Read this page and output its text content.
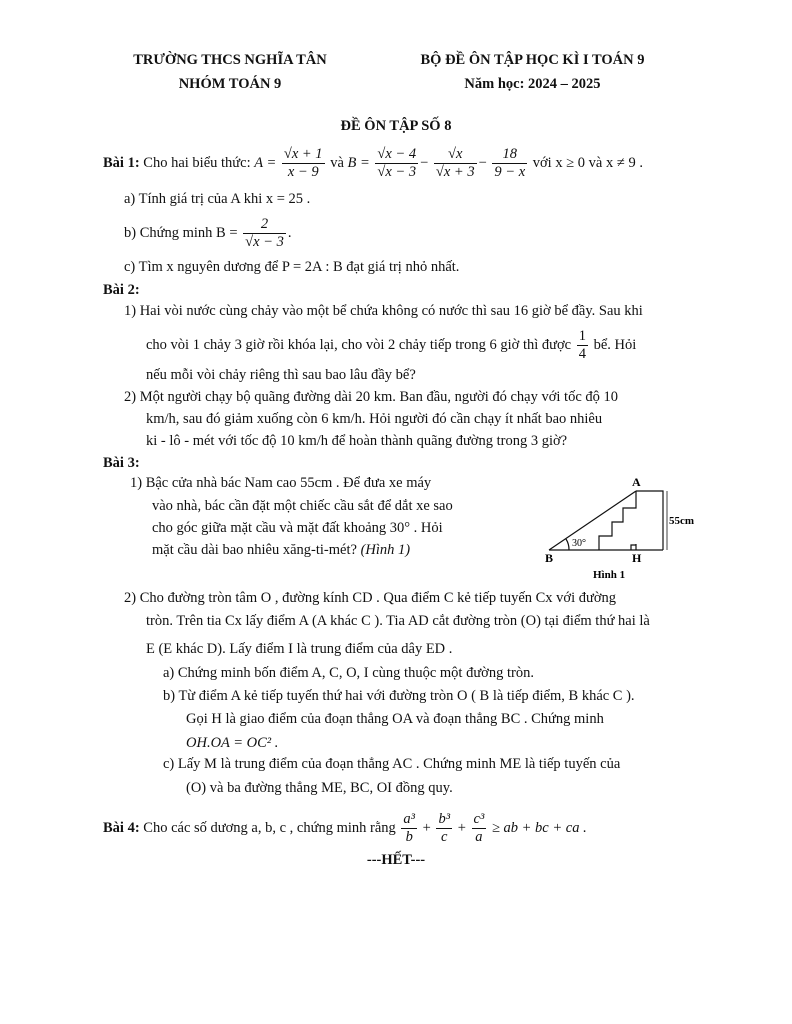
TRƯỜNG THCS NGHĨA TÂN
NHÓM TOÁN 9
BỘ ĐỀ ÔN TẬP HỌC KÌ I TOÁN 9
Năm học: 2024 – 2025
ĐỀ ÔN TẬP SỐ 8
Bài 1: Cho hai biểu thức: $A = \frac{√x + 1}{x - 9}$ và $B = \frac{√x - 4}{√x - 3} - \frac{√x}{√x + 3} - \frac{18}{9 - x}$ với x ≥ 0 và x ≠ 9 .
a) Tính giá trị của A khi x = 25 .
b) Chứng minh $B = \frac{2}{√x - 3}$ .
c) Tìm x nguyên dương để P = 2A : B đạt giá trị nhỏ nhất.
Bài 2:
1) Hai vòi nước cùng chảy vào một bể chứa không có nước thì sau 16 giờ bể đầy. Sau khi
cho vòi 1 chảy 3 giờ rồi khóa lại, cho vòi 2 chảy tiếp trong 6 giờ thì được $\frac{1}{4}$ bể. Hỏi
nếu mỗi vòi chảy riêng thì sau bao lâu đầy bể?
2) Một người chạy bộ quãng đường dài 20 km. Ban đầu, người đó chạy với tốc độ 10
km/h, sau đó giảm xuống còn 6 km/h. Hỏi người đó cần chạy ít nhất bao nhiêu
ki - lô - mét với tốc độ 10 km/h để hoàn thành quãng đường trong 3 giờ?
Bài 3:
1) Bậc cửa nhà bác Nam cao 55cm . Để đưa xe máy
vào nhà, bác cần đặt một chiếc cầu sắt để dắt xe sao
cho góc giữa mặt cầu và mặt đất khoảng 30° . Hỏi
mặt cầu dài bao nhiêu xăng-ti-mét? (Hình 1)
A
B	H
30°
55cm
Hình 1
2) Cho đường tròn tâm O , đường kính CD . Qua điểm C kẻ tiếp tuyến Cx với đường
tròn. Trên tia Cx lấy điểm A (A khác C ). Tia AD cắt đường tròn (O) tại điểm thứ hai là
E (E khác D). Lấy điểm I là trung điểm của dây ED .
a) Chứng minh bốn điểm A, C, O, I cùng thuộc một đường tròn.
b) Từ điểm A kẻ tiếp tuyến thứ hai với đường tròn O ( B là tiếp điểm, B khác C ).
Gọi H là giao điểm của đoạn thẳng OA và đoạn thẳng BC . Chứng minh
OH.OA = OC² .
c) Lấy M là trung điểm của đoạn thẳng AC . Chứng minh ME là tiếp tuyến của
(O) và ba đường thẳng ME, BC, OI đồng quy.
Bài 4: Cho các số dương a, b, c , chứng minh rằng $\frac{\text{a³}}{b} + \frac{\text{b³}}{c} + \frac{\text{c³}}{a}$ ≥ ab + bc + ca .
---HẾT---
